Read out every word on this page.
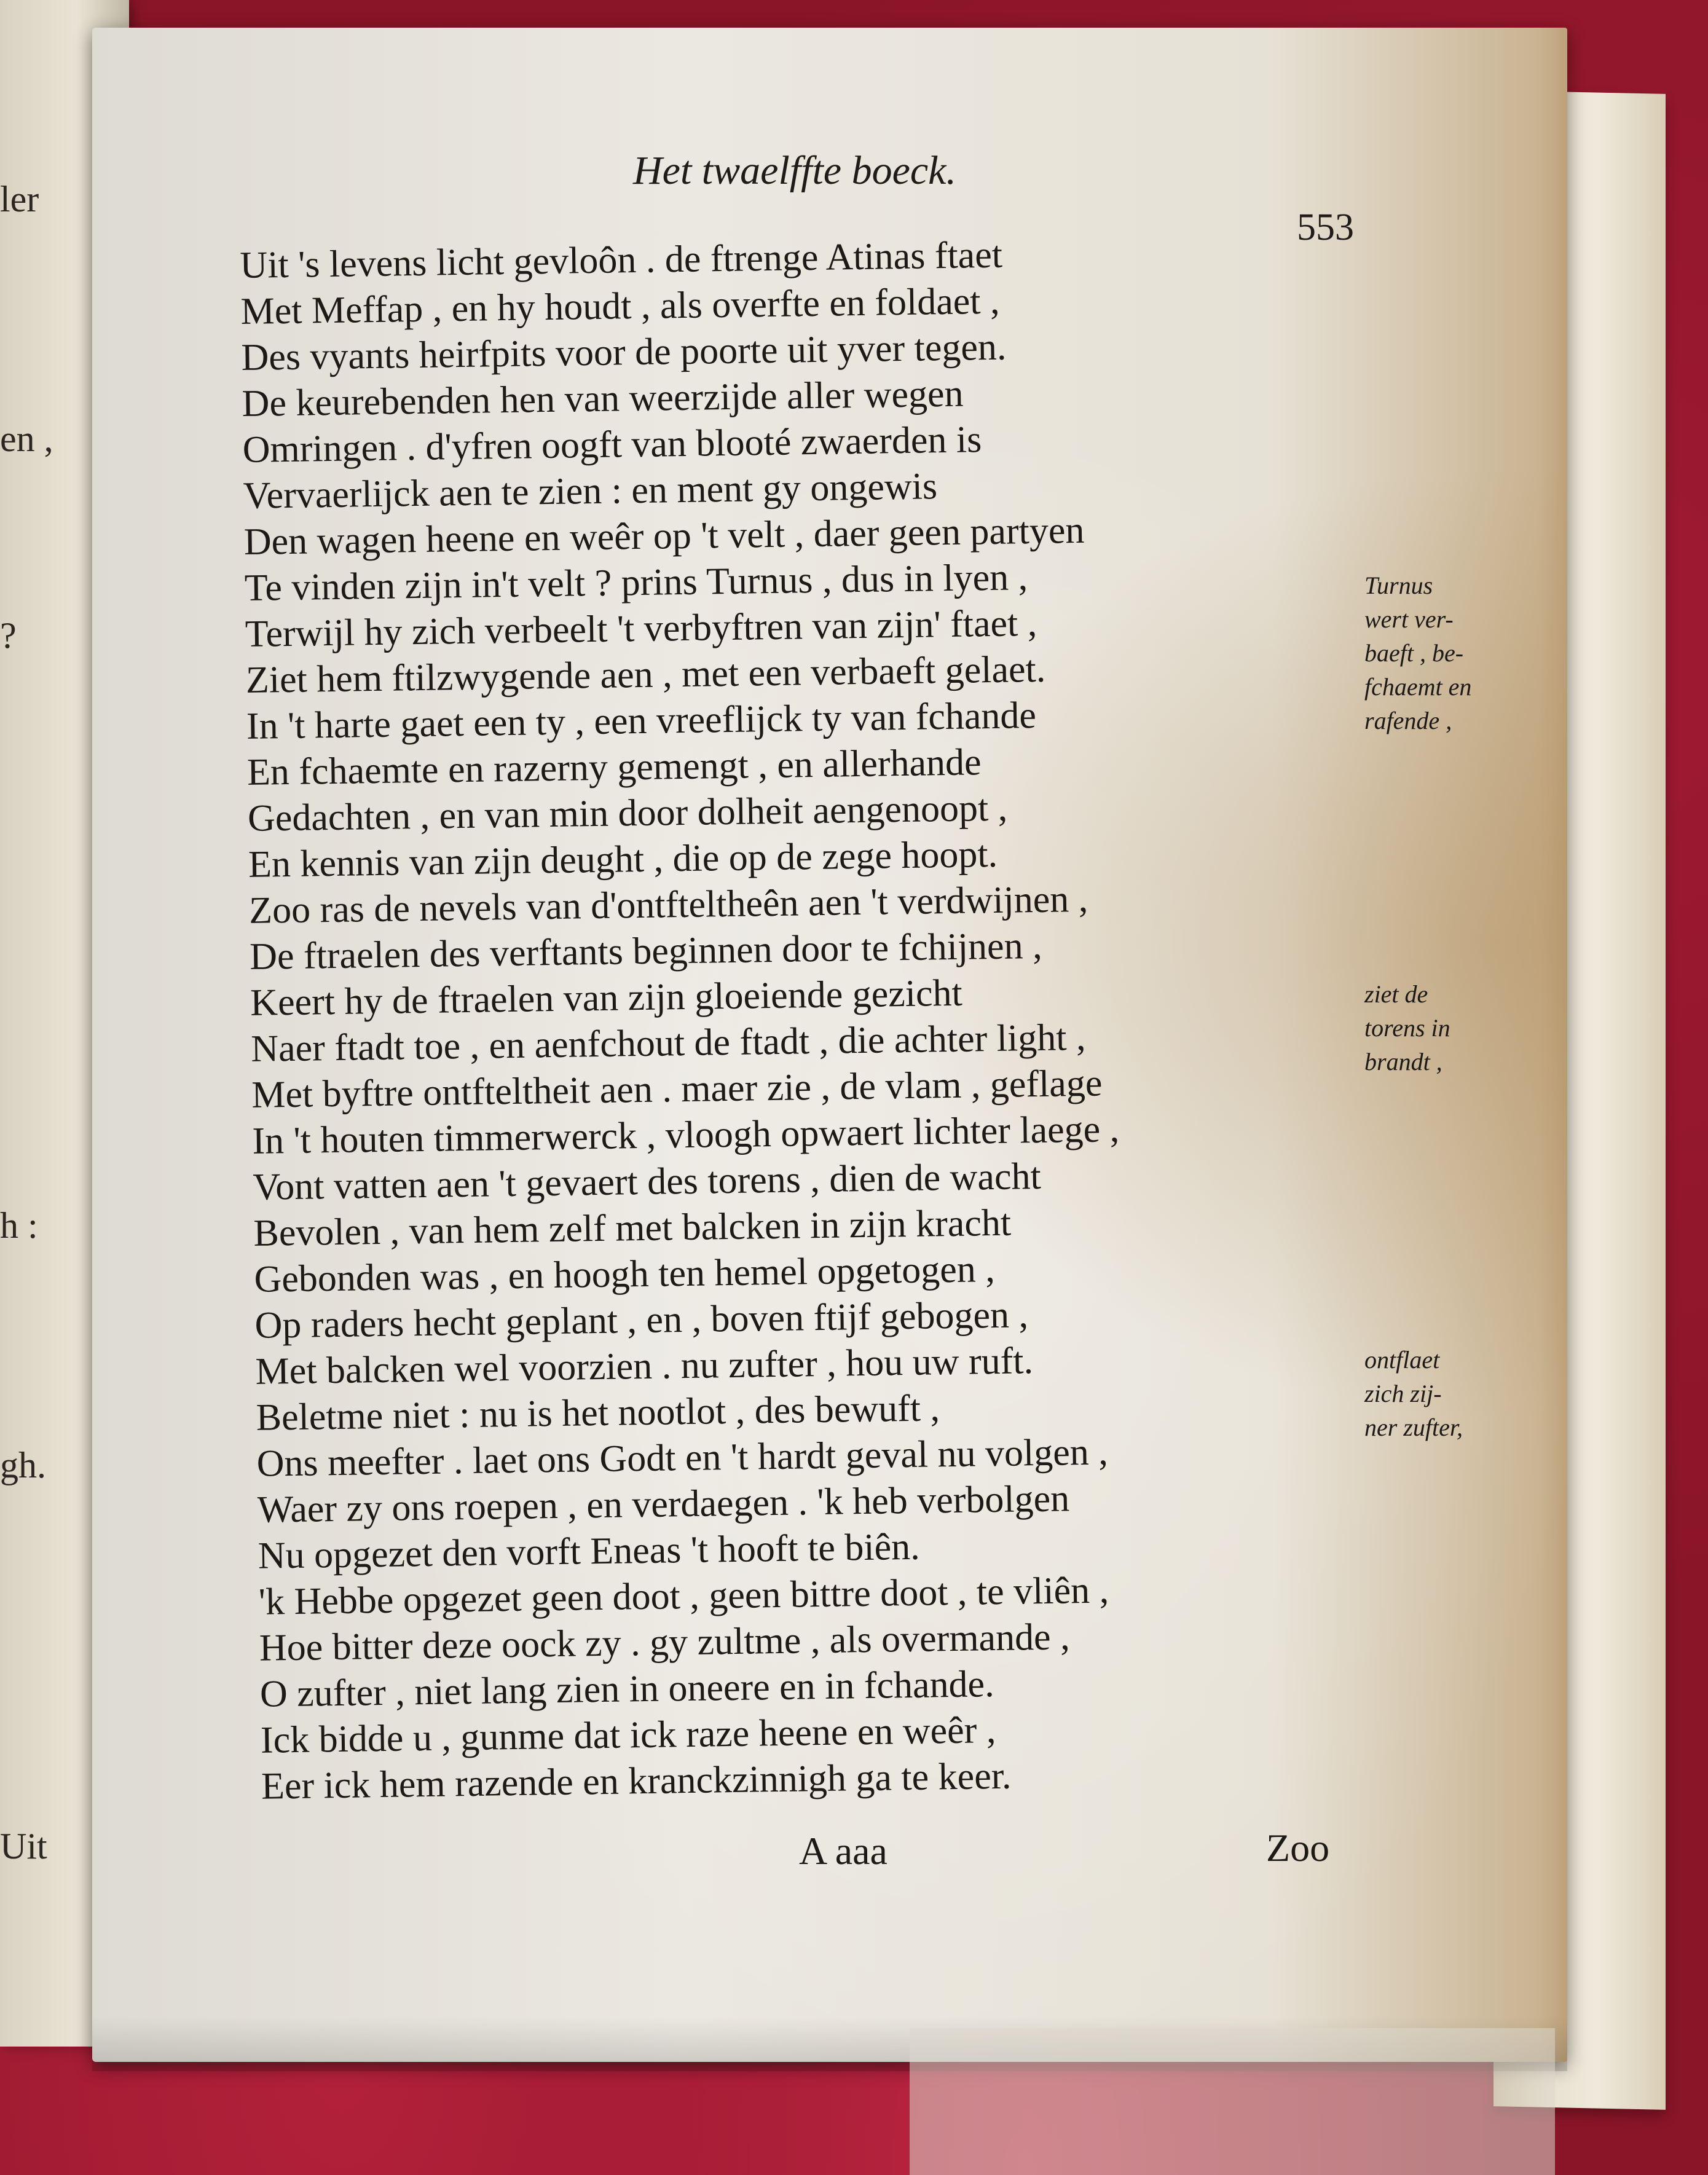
ler
en ,
?
h :
gh.
Uit
Het twaelffte boeck.
553
Uit 's levens licht gevloôn . de ftrenge Atinas ftaet
Met Meffap , en hy houdt , als overfte en foldaet ,
Des vyants heirfpits voor de poorte uit yver tegen.
De keurebenden hen van weerzijde aller wegen
Omringen . d'yfren oogft van blooté zwaerden is
Vervaerlijck aen te zien : en ment gy ongewis
Den wagen heene en weêr op 't velt , daer geen partyen
Te vinden zijn in't velt ? prins Turnus , dus in lyen ,
Terwijl hy zich verbeelt 't verbyftren van zijn' ftaet ,
Ziet hem ftilzwygende aen , met een verbaeft gelaet.
In 't harte gaet een ty , een vreeflijck ty van fchande
En fchaemte en razerny gemengt , en allerhande
Gedachten , en van min door dolheit aengenoopt ,
En kennis van zijn deught , die op de zege hoopt.
Zoo ras de nevels van d'ontfteltheên aen 't verdwijnen ,
De ftraelen des verftants beginnen door te fchijnen ,
Keert hy de ftraelen van zijn gloeiende gezicht
Naer ftadt toe , en aenfchout de ftadt , die achter light ,
Met byftre ontfteltheit aen . maer zie , de vlam , geflage
In 't houten timmerwerck , vloogh opwaert lichter laege ,
Vont vatten aen 't gevaert des torens , dien de wacht
Bevolen , van hem zelf met balcken in zijn kracht
Gebonden was , en hoogh ten hemel opgetogen ,
Op raders hecht geplant , en , boven ftijf gebogen ,
Met balcken wel voorzien . nu zufter , hou uw ruft.
Beletme niet : nu is het nootlot , des bewuft ,
Ons meefter . laet ons Godt en 't hardt geval nu volgen ,
Waer zy ons roepen , en verdaegen . 'k heb verbolgen
Nu opgezet den vorft Eneas 't hooft te biên.
'k Hebbe opgezet geen doot , geen bittre doot , te vliên ,
Hoe bitter deze oock zy . gy zultme , als overmande ,
O zufter , niet lang zien in oneere en in fchande.
Ick bidde u , gunme dat ick raze heene en weêr ,
Eer ick hem razende en kranckzinnigh ga te keer.
Turnus
wert ver-
baeft , be-
fchaemt en
rafende ,
ziet de
torens in
brandt ,
ontflaet
zich zij-
ner zufter,
A aaa	Zoo
